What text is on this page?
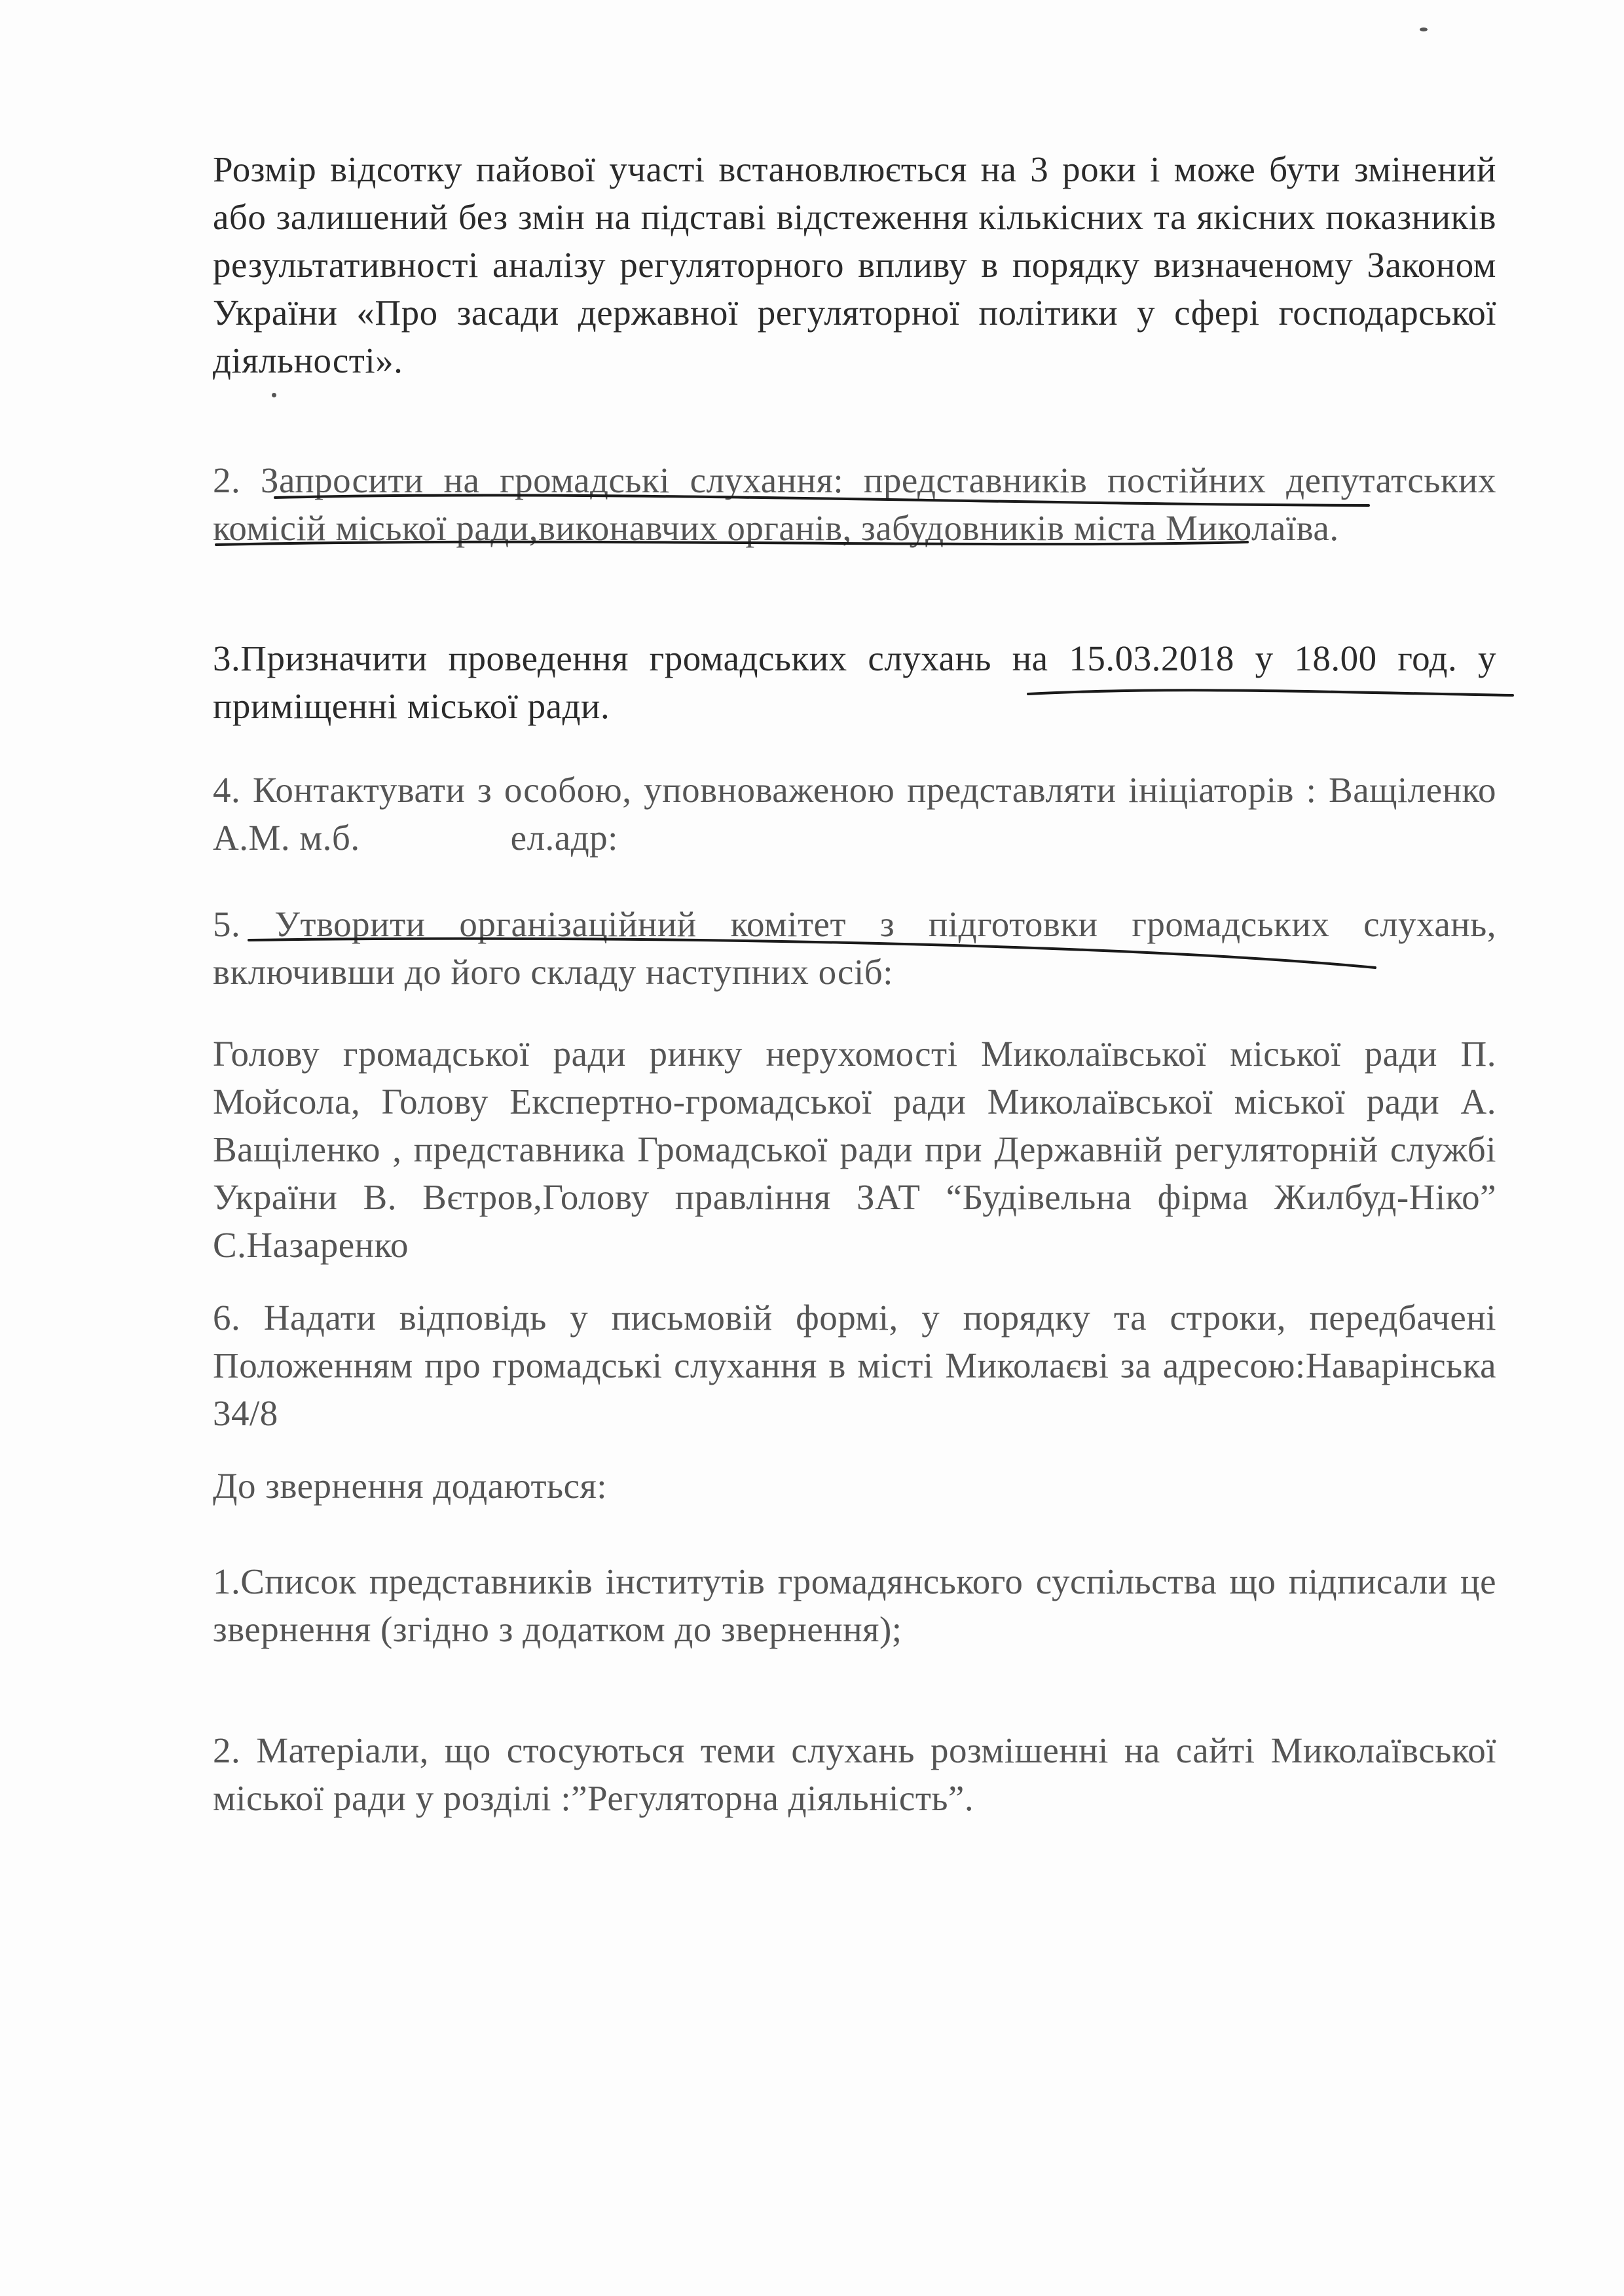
Розмір відсотку пайової участі встановлюється на 3 роки і може бути змінений або залишений без змін на підставі відстеження кількісних та якісних показників результативності аналізу регуляторного впливу в порядку визначеному Законом України «Про засади державної регуляторної політики у сфері господарської діяльності».

2. Запросити на громадські слухання: представників постійних депутатських комісій міської ради,виконавчих органів, забудовників міста Миколаїва.

3.Призначити проведення громадських слухань на 15.03.2018 у 18.00 год. у приміщенні міської ради.

4. Контактувати з особою, уповноваженою представляти ініціаторів : Ващіленко А.М. м.б.	ел.адр:

5. Утворити організаційний комітет з підготовки громадських слухань, включивши до його складу наступних осіб:

Голову громадської ради ринку нерухомості Миколаївської міської ради П. Мойсола, Голову Експертно-громадської ради Миколаївської міської ради А. Ващіленко , представника Громадської ради при Державній регуляторній службі України В. Вєтров,Голову правління ЗАТ “Будівельна фірма Жилбуд-Ніко” С.Назаренко

6. Надати відповідь у письмовій формі, у порядку та строки, передбачені Положенням про громадські слухання в місті Миколаєві за адресою:Наварінська 34/8

До звернення додаються:

1.Список представників інститутів громадянського суспільства що підписали це звернення (згідно з додатком до звернення);

2. Матеріали, що стосуються теми слухань розмішенні на сайті Миколаївської міської ради у розділі :”Регуляторна діяльність”.
